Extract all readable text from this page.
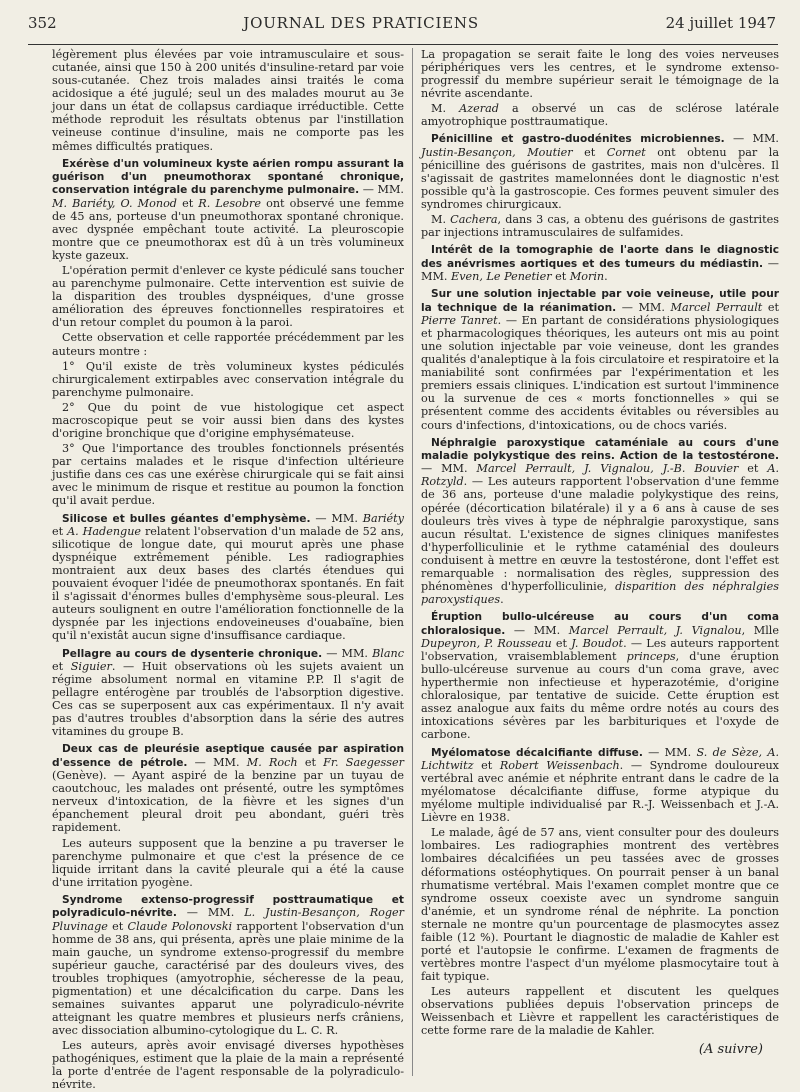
352	JOURNAL DES PRATICIENS	24 juillet 1947

légèrement plus élevées par voie intramusculaire et sous-cutanée, ainsi que 150 à 200 unités d'insuline-retard par voie sous-cutanée. Chez trois malades ainsi traités le coma acidosique a été jugulé; seul un des malades mourut au 3e jour dans un état de collapsus cardiaque irréductible. Cette méthode reproduit les résultats obtenus par l'instillation veineuse continue d'insuline, mais ne comporte pas les mêmes difficultés pratiques.

Exérèse d'un volumineux kyste aérien rompu assurant la guérison d'un pneumothorax spontané chronique, conservation intégrale du parenchyme pulmonaire. — MM. M. Bariéty, O. Monod et R. Lesobre ont observé une femme de 45 ans, porteuse d'un pneumothorax spontané chronique. avec dyspnée empêchant toute activité. La pleuroscopie montre que ce pneumothorax est dû à un très volumineux kyste gazeux.

L'opération permit d'enlever ce kyste pédiculé sans toucher au parenchyme pulmonaire. Cette intervention est suivie de la disparition des troubles dyspnéiques, d'une grosse amélioration des épreuves fonctionnelles respiratoires et d'un retour complet du poumon à la paroi.

Cette observation et celle rapportée précédemment par les auteurs montre :

1° Qu'il existe de très volumineux kystes pédiculés chirurgicalement extirpables avec conservation intégrale du parenchyme pulmonaire.

2° Que du point de vue histologique cet aspect macroscopique peut se voir aussi bien dans des kystes d'origine bronchique que d'origine emphysémateuse.

3° Que l'importance des troubles fonctionnels présentés par certains malades et le risque d'infection ultérieure justifie dans ces cas une exérèse chirurgicale qui se fait ainsi avec le minimum de risque et restitue au poumon la fonction qu'il avait perdue.

Silicose et bulles géantes d'emphysème. — MM. Bariéty et A. Hadengue relatent l'observation d'un malade de 52 ans, silicotique de longue date, qui mourut après une phase dyspnéique extrêmement pénible. Les radiographies montraient aux deux bases des clartés étendues qui pouvaient évoquer l'idée de pneumothorax spontanés. En fait il s'agissait d'énormes bulles d'emphysème sous-pleural. Les auteurs soulignent en outre l'amélioration fonctionnelle de la dyspnée par les injections endoveineuses d'ouabaïne, bien qu'il n'existât aucun signe d'insuffisance cardiaque.

Pellagre au cours de dysenterie chronique. — MM. Blanc et Siguier. — Huit observations où les sujets avaient un régime absolument normal en vitamine P.P. Il s'agit de pellagre entérogène par troublés de l'absorption digestive. Ces cas se superposent aux cas expérimentaux. Il n'y avait pas d'autres troubles d'absorption dans la série des autres vitamines du groupe B.

Deux cas de pleurésie aseptique causée par aspiration d'essence de pétrole. — MM. M. Roch et Fr. Saegesser (Genève). — Ayant aspiré de la benzine par un tuyau de caoutchouc, les malades ont présenté, outre les symptômes nerveux d'intoxication, de la fièvre et les signes d'un épanchement pleural droit peu abondant, guéri très rapidement.

Les auteurs supposent que la benzine a pu traverser le parenchyme pulmonaire et que c'est la présence de ce liquide irritant dans la cavité pleurale qui a été la cause d'une irritation pyogène.

Syndrome extenso-progressif posttraumatique et polyradiculo-névrite. — MM. L. Justin-Besançon, Roger Pluvinage et Claude Polonovski rapportent l'observation d'un homme de 38 ans, qui présenta, après une plaie minime de la main gauche, un syndrome extenso-progressif du membre supérieur gauche, caractérisé par des douleurs vives, des troubles trophiques (amyotrophie, sécheresse de la peau, pigmentation) et une décalcification du carpe. Dans les semaines suivantes apparut une polyradiculo-névrite atteignant les quatre membres et plusieurs nerfs crâniens, avec dissociation albumino-cytologique du L. C. R.

Les auteurs, après avoir envisagé diverses hypothèses pathogéniques, estiment que la plaie de la main a représenté la porte d'entrée de l'agent responsable de la polyradiculo-névrite.

La propagation se serait faite le long des voies nerveuses périphériques vers les centres, et le syndrome extenso-progressif du membre supérieur serait le témoignage de la névrite ascendante.

M. Azerad a observé un cas de sclérose latérale amyotrophique posttraumatique.

Pénicilline et gastro-duodénites microbiennes. — MM. Justin-Besançon, Moutier et Cornet ont obtenu par la pénicilline des guérisons de gastrites, mais non d'ulcères. Il s'agissait de gastrites mamelonnées dont le diagnostic n'est possible qu'à la gastroscopie. Ces formes peuvent simuler des syndromes chirurgicaux.

M. Cachera, dans 3 cas, a obtenu des guérisons de gastrites par injections intramusculaires de sulfamides.

Intérêt de la tomographie de l'aorte dans le diagnostic des anévrismes aortiques et des tumeurs du médiastin. — MM. Even, Le Penetier et Morin.

Sur une solution injectable par voie veineuse, utile pour la technique de la réanimation. — MM. Marcel Perrault et Pierre Tanret. — En partant de considérations physiologiques et pharmacologiques théoriques, les auteurs ont mis au point une solution injectable par voie veineuse, dont les grandes qualités d'analeptique à la fois circulatoire et respiratoire et la maniabilité sont confirmées par l'expérimentation et les premiers essais cliniques. L'indication est surtout l'imminence ou la survenue de ces « morts fonctionnelles » qui se présentent comme des accidents évitables ou réversibles au cours d'infections, d'intoxications, ou de chocs variés.

Néphralgie paroxystique cataméniale au cours d'une maladie polykystique des reins. Action de la testostérone. — MM. Marcel Perrault, J. Vignalou, J.-B. Bouvier et A. Rotzyld. — Les auteurs rapportent l'observation d'une femme de 36 ans, porteuse d'une maladie polykystique des reins, opérée (décortication bilatérale) il y a 6 ans à cause de ses douleurs très vives à type de néphralgie paroxystique, sans aucun résultat. L'existence de signes cliniques manifestes d'hyperfolliculinie et le rythme cataménial des douleurs conduisent à mettre en œuvre la testostérone, dont l'effet est remarquable : normalisation des règles, suppression des phénomènes d'hyperfolliculinie, disparition des néphralgies paroxystiques.

Éruption bullo-ulcéreuse au cours d'un coma chloralosique. — MM. Marcel Perrault, J. Vignalou, Mlle Dupeyron, P. Rousseau et J. Boudot. — Les auteurs rapportent l'observation, vraisemblablement princeps, d'une éruption bullo-ulcéreuse survenue au cours d'un coma grave, avec hyperthermie non infectieuse et hyperazotémie, d'origine chloralosique, par tentative de suicide. Cette éruption est assez analogue aux faits du même ordre notés au cours des intoxications sévères par les barbituriques et l'oxyde de carbone.

Myélomatose décalcifiante diffuse. — MM. S. de Sèze, A. Lichtwitz et Robert Weissenbach. — Syndrome douloureux vertébral avec anémie et néphrite entrant dans le cadre de la myélomatose décalcifiante diffuse, forme atypique du myélome multiple individualisé par R.-J. Weissenbach et J.-A. Lièvre en 1938.

Le malade, âgé de 57 ans, vient consulter pour des douleurs lombaires. Les radiographies montrent des vertèbres lombaires décalcifiées un peu tassées avec de grosses déformations ostéophytiques. On pourrait penser à un banal rhumatisme vertébral. Mais l'examen complet montre que ce syndrome osseux coexiste avec un syndrome sanguin d'anémie, et un syndrome rénal de néphrite. La ponction sternale ne montre qu'un pourcentage de plasmocytes assez faible (12 %). Pourtant le diagnostic de maladie de Kahler est porté et l'autopsie le confirme. L'examen de fragments de vertèbres montre l'aspect d'un myélome plasmocytaire tout à fait typique.

Les auteurs rappellent et discutent les quelques observations publiées depuis l'observation princeps de Weissenbach et Lièvre et rappellent les caractéristiques de cette forme rare de la maladie de Kahler.

(A suivre)
